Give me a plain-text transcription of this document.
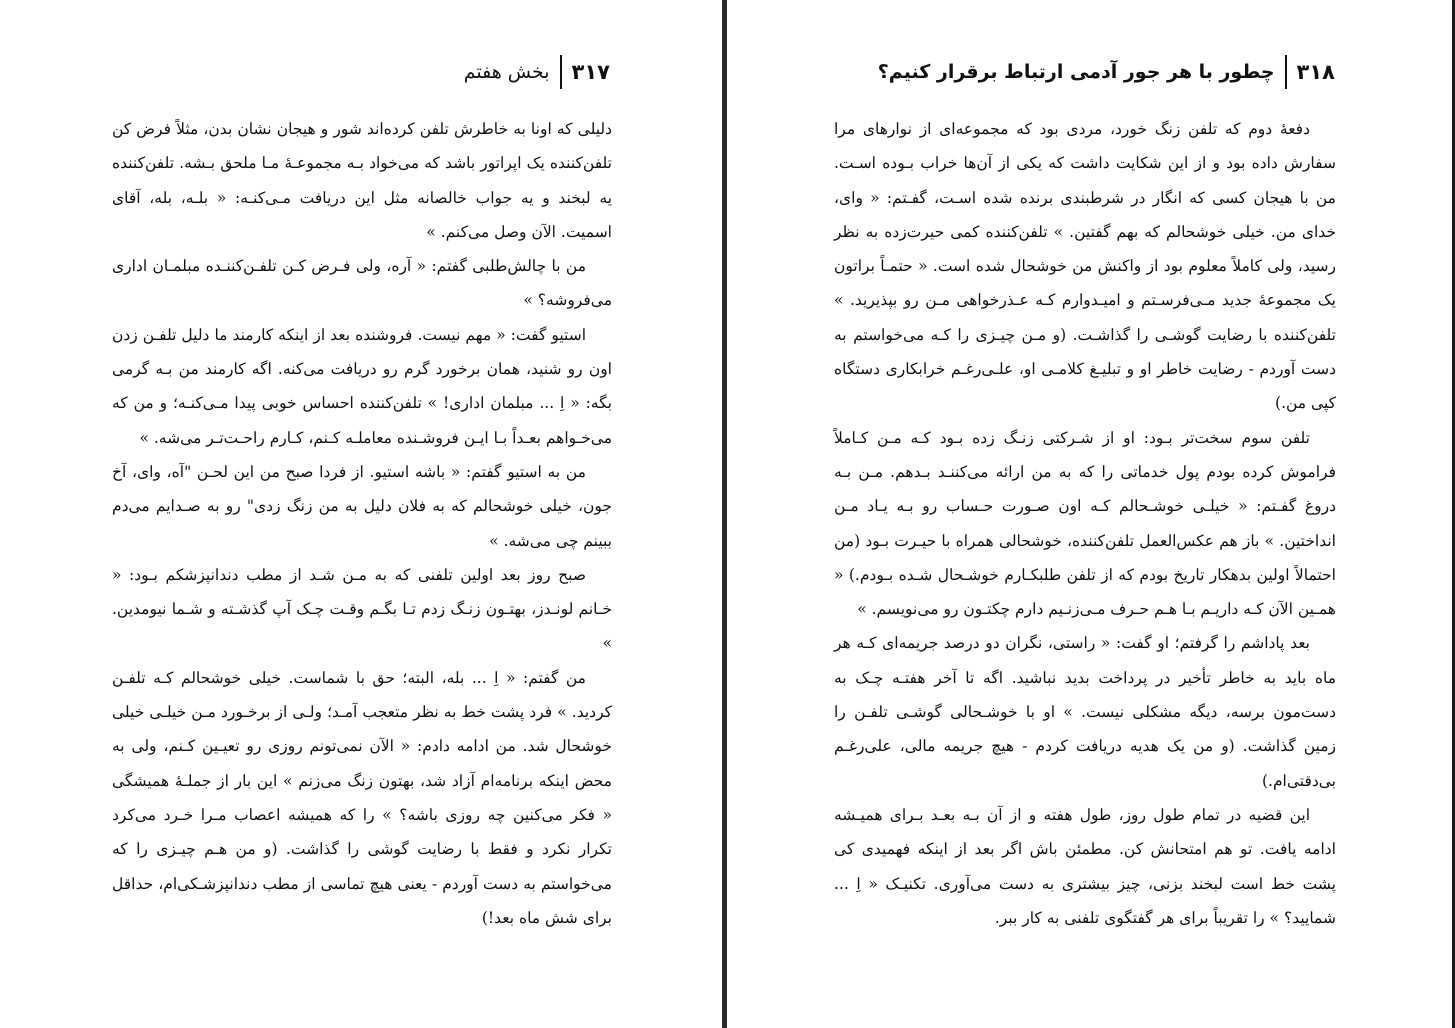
بخش هفتم ۳۱۷

دلیلی که اونا به خاطرش تلفن کرده‌اند شور و هیجان نشان بدن، مثلاً فرض کن تلفن‌کننده یک اپراتور باشد که می‌خواد بـه مجموعـهٔ مـا ملحق بـشه. تلفن‌کننده یه لبخند و یه جواب خالصانه مثل این دریافت مـی‌کنـه: « بلـه، بله، آقای اسمیت. الآن وصل می‌کنم. »

من با چالش‌طلبی گفتم: « آره، ولی فـرض کـن تلفـن‌کننـده مبلمـان اداری می‌فروشه؟ »

استیو گفت: « مهم نیست. فروشنده بعد از اینکه کارمند ما دلیل تلفـن زدن اون رو شنید، همان برخورد گرم رو دریافت می‌کنه. اگه کارمند من بـه گرمی بگه: « اِ ... مبلمان اداری! » تلفن‌کننده احساس خوبی پیدا مـی‌کنـه؛ و من که می‌خـواهم بعـداً بـا ایـن فروشـنده معاملـه کـنم، کـارم راحـت‌تـر می‌شه. »

من به استیو گفتم: « باشه استیو. از فردا صبح من این لحـن "آه، وای، آخ جون، خیلی خوشحالم که به فلان دلیل به من زنگ زدی" رو به صـدایم می‌دم ببینم چی می‌شه. »

صبح روز بعد اولین تلفنی که به مـن شـد از مطب دندانپزشکم بـود: « خـانم لونـدز، بهتـون زنـگ زدم تـا بگـم وقـت چـک آپ گذشـته و شـما نیومدین. »

من گفتم: « اِ ... بله، البته؛ حق با شماست. خیلی خوشحالم کـه تلفـن کردید. » فرد پشت خط به نظر متعجب آمـد؛ ولـی از برخـورد مـن خیلـی خیلی خوشحال شد. من ادامه دادم: « الآن نمی‌تونم روزی رو تعیـین کـنم، ولی به محض اینکه برنامه‌ام آزاد شد، بهتون زنگ می‌زنم » این بار از جملـهٔ همیشگی « فکر می‌کنین چه روزی باشه؟ » را که همیشه اعصاب مـرا خـرد می‌کرد تکرار نکرد و فقط با رضایت گوشی را گذاشت. (و من هـم چیـزی را که می‌خواستم به دست آوردم - یعنی هیچ تماسی از مطب دندانپزشـکی‌ام، حداقل برای شش ماه بعد!)

۳۱۸
چطور با هر جور آدمی ارتباط برقرار کنیم؟

دفعهٔ دوم که تلفن زنگ خورد، مردی بود که مجموعه‌ای از نوارهای مرا سفارش داده بود و از این شکایت داشت که یکی از آن‌ها خراب بـوده اسـت. من با هیجان کسی که انگار در شرطبندی برنده شده اسـت، گفـتم: « وای، خدای من. خیلی خوشحالم که بهم گفتین. » تلفن‌کننده کمی حیرت‌زده به نظر رسید، ولی کاملاً معلوم بود از واکنش من خوشحال شده است. « حتمـاً براتون یک مجموعهٔ جدید مـی‌فرسـتم و امیـدوارم کـه عـذرخواهی مـن رو بپذیرید. » تلفن‌کننده با رضایت گوشـی را گذاشـت. (و مـن چیـزی را کـه می‌خواستم به دست آوردم - رضایت خاطر او و تبلیـغ کلامـی او، علـی‌رغـم خرابکاری دستگاه کپی من.)

تلفن سوم سخت‌تر بـود: او از شـرکتی زنـگ زده بـود کـه مـن کـاملاً فراموش کرده بودم پول خدماتی را که به من ارائه می‌کننـد بـدهم. مـن بـه دروغ گفـتم: « خیلـی خوشـحالم کـه اون صـورت حـساب رو بـه یـاد مـن انداختین. » باز هم عکس‌العمل تلفن‌کننده، خوشحالی همراه با حیـرت بـود (من احتمالاً اولین بدهکار تاریخ بودم که از تلفن طلبکـارم خوشـحال شـده بـودم.) « همـین الآن کـه داریـم بـا هـم حـرف مـی‌زنـیم دارم چکتـون رو می‌نویسم. »

بعد پاداشم را گرفتم؛ او گفت: « راستی، نگران دو درصد جریمه‌ای کـه هر ماه باید به خاطر تأخیر در پرداخت بدید نباشید. اگه تا آخر هفتـه چـک به دست‌مون برسه، دیگه مشکلی نیست. » او با خوشـحالی گوشـی تلفـن را زمین گذاشت. (و من یک هدیه دریافت کردم - هیچ جریمه مالی، علی‌رغـم بی‌دقتی‌ام.)

این قضیه در تمام طول روز، طول هفته و از آن بـه بعـد بـرای همیـشه ادامه یافت. تو هم امتحانش کن. مطمئن باش اگر بعد از اینکه فهمیدی کی پشت خط است لبخند بزنی، چیز بیشتری به دست می‌آوری. تکنیـک « اِ ... شمایید؟ » را تقریباً برای هر گفتگوی تلفنی به کار ببر.
